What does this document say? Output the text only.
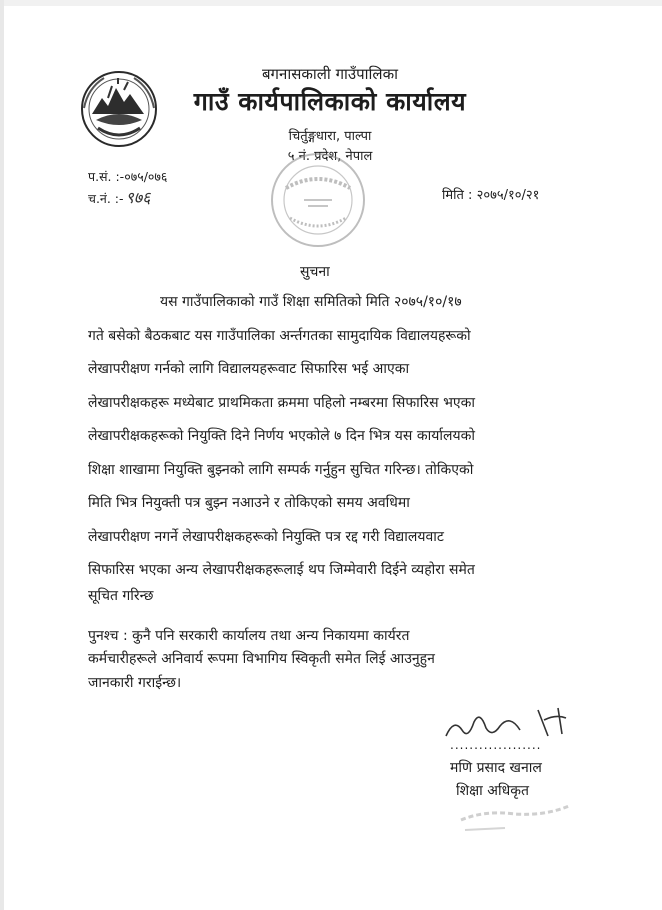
बगनासकाली गाउँपालिका
गाउँ कार्यपालिकाको कार्यालय
चिर्तुङ्गधारा, पाल्पा
५ नं. प्रदेश, नेपाल
प.सं. :-०७५/०७६
च.नं. :- ९७६	मिति : २०७५/१०/२१
सुचना
यस गाउँपालिकाको गाउँ शिक्षा समितिको मिति २०७५/१०/१७
गते बसेको बैठकबाट यस गाउँपालिका अर्न्तगतका सामुदायिक विद्यालयहरूको
लेखापरीक्षण गर्नको लागि विद्यालयहरूवाट सिफारिस भई आएका
लेखापरीक्षकहरू मध्येबाट प्राथमिकता क्रममा पहिलो नम्बरमा सिफारिस भएका
लेखापरीक्षकहरूको नियुक्ति दिने निर्णय भएकोले ७ दिन भित्र यस कार्यालयको
शिक्षा शाखामा नियुक्ति बुझ्नको लागि सम्पर्क गर्नुहुन सुचित गरिन्छ। तोकिएको
मिति भित्र नियुक्ती पत्र बुझ्न नआउने र तोकिएको समय अवधिमा
लेखापरीक्षण नगर्ने लेखापरीक्षकहरूको नियुक्ति पत्र रद्द गरी विद्यालयवाट
सिफारिस भएका अन्य लेखापरीक्षकहरूलाई थप जिम्मेवारी दिईने व्यहोरा समेत
सूचित गरिन्छ
पुनश्च : कुनै पनि सरकारी कार्यालय तथा अन्य निकायमा कार्यरत
कर्मचारीहरूले अनिवार्य रूपमा विभागिय स्विकृती समेत लिई आउनुहुन
जानकारी गराईन्छ।
...................
मणि प्रसाद खनाल
शिक्षा अधिकृत
